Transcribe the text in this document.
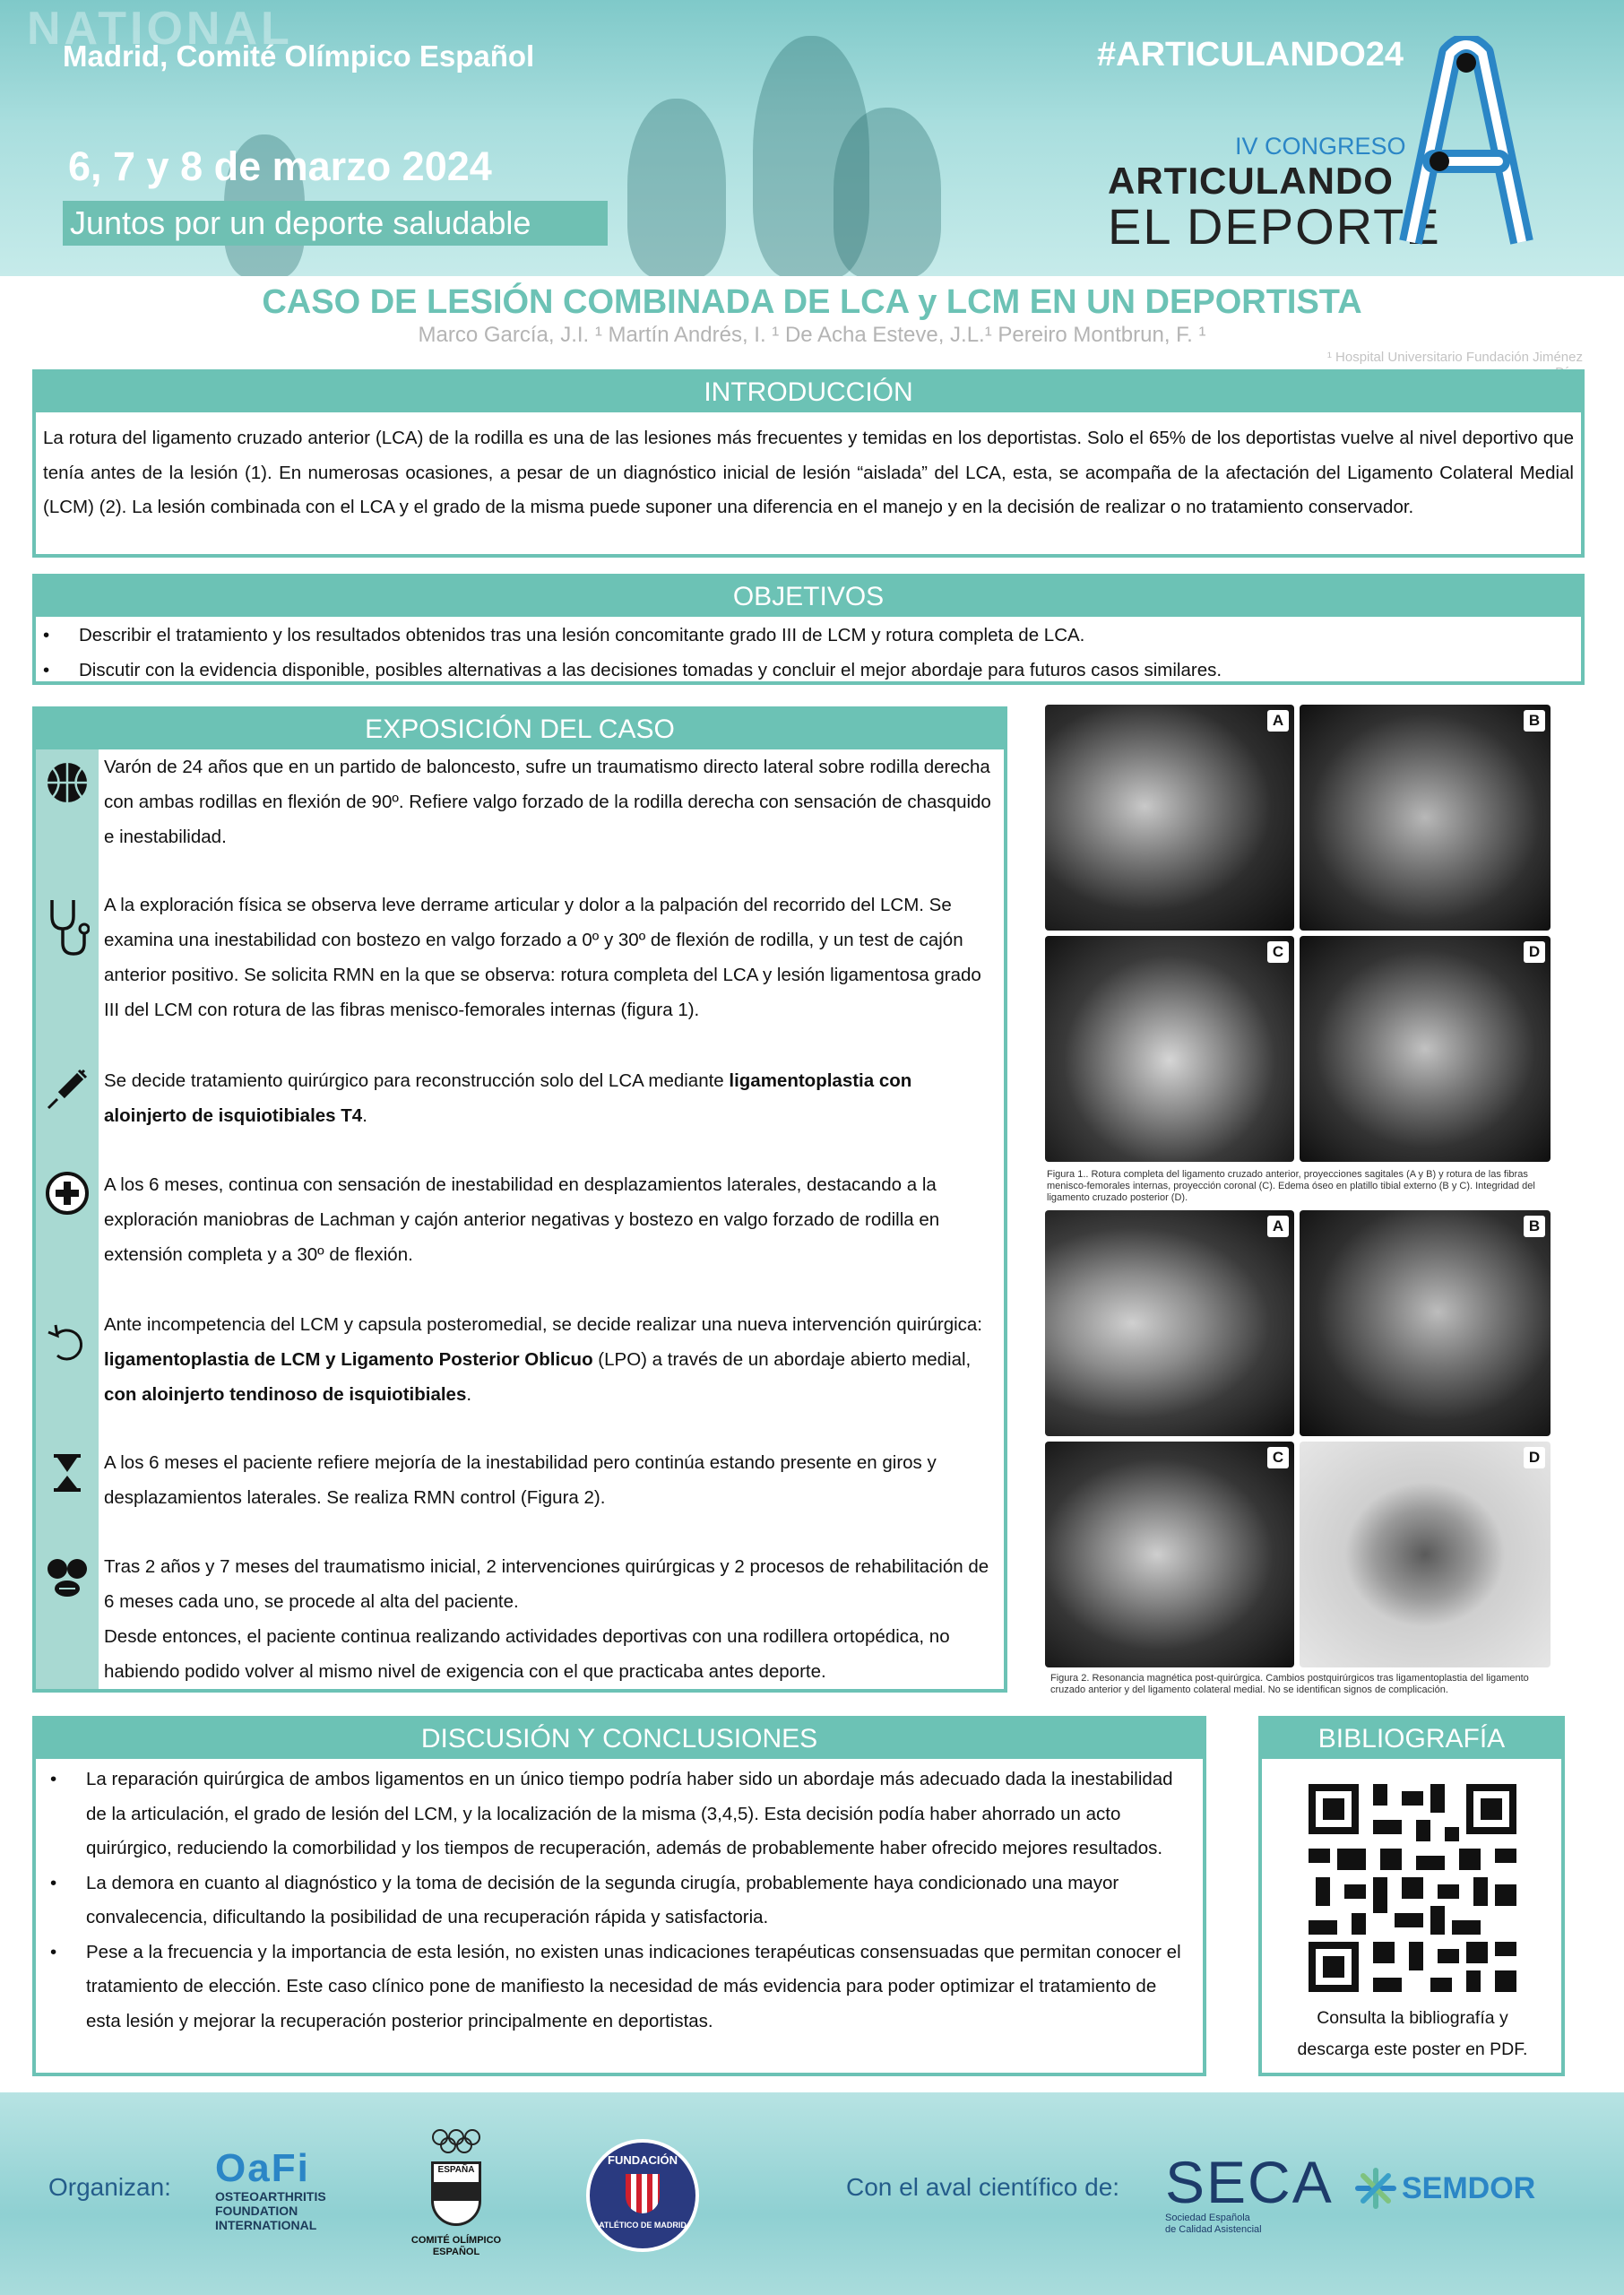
NATIONAL
Madrid, Comité Olímpico Español	#ARTICULANDO24
6, 7 y 8 de marzo 2024
Juntos por un deporte saludable
IV CONGRESO
ARTICULANDO
EL DEPORTE
CASO DE LESIÓN COMBINADA DE LCA y LCM EN UN DEPORTISTA
Marco García, J.I. ¹ Martín Andrés, I. ¹ De Acha Esteve, J.L.¹ Pereiro Montbrun, F. ¹
¹ Hospital Universitario Fundación Jiménez
INTRODUCCIÓN
La rotura del ligamento cruzado anterior (LCA) de la rodilla es una de las lesiones más frecuentes y temidas en los deportistas. Solo el 65% de los deportistas vuelve al nivel deportivo que tenía antes de la lesión (1). En numerosas ocasiones, a pesar de un diagnóstico inicial de lesión “aislada” del LCA, esta, se acompaña de la afectación del Ligamento Colateral Medial (LCM) (2). La lesión combinada con el LCA y el grado de la misma puede suponer una diferencia en el manejo y en la decisión de realizar o no tratamiento conservador.
OBJETIVOS
• Describir el tratamiento y los resultados obtenidos tras una lesión concomitante grado III de LCM y rotura completa de LCA.
• Discutir con la evidencia disponible, posibles alternativas a las decisiones tomadas y concluir el mejor abordaje para futuros casos similares.
EXPOSICIÓN DEL CASO
Varón de 24 años que en un partido de baloncesto, sufre un traumatismo directo lateral sobre rodilla derecha con ambas rodillas en flexión de 90º. Refiere valgo forzado de la rodilla derecha con sensación de chasquido e inestabilidad.
A la exploración física se observa leve derrame articular y dolor a la palpación del recorrido del LCM. Se examina una inestabilidad con bostezo en valgo forzado a 0º y 30º de flexión de rodilla, y un test de cajón anterior positivo. Se solicita RMN en la que se observa: rotura completa del LCA y lesión ligamentosa grado III del LCM con rotura de las fibras menisco-femorales internas (figura 1).
Se decide tratamiento quirúrgico para reconstrucción solo del LCA mediante ligamentoplastia con aloinjerto de isquiotibiales T4.
A los 6 meses, continua con sensación de inestabilidad en desplazamientos laterales, destacando a la exploración maniobras de Lachman y cajón anterior negativas y bostezo en valgo forzado de rodilla en extensión completa y a 30º de flexión.
Ante incompetencia del LCM y capsula posteromedial, se decide realizar una nueva intervención quirúrgica: ligamentoplastia de LCM y Ligamento Posterior Oblicuo (LPO) a través de un abordaje abierto medial, con aloinjerto tendinoso de isquiotibiales.
A los 6 meses el paciente refiere mejoría de la inestabilidad pero continúa estando presente en giros y desplazamientos laterales. Se realiza RMN control (Figura 2).
Tras 2 años y 7 meses del traumatismo inicial, 2 intervenciones quirúrgicas y 2 procesos de rehabilitación de 6 meses cada uno, se procede al alta del paciente.
Desde entonces, el paciente continua realizando actividades deportivas con una rodillera ortopédica, no habiendo podido volver al mismo nivel de exigencia con el que practicaba antes deporte.
A	B
C	D
Figura 1.. Rotura completa del ligamento cruzado anterior, proyecciones sagitales (A y B) y rotura de las fibras menisco-femorales internas, proyección coronal (C). Edema óseo en platillo tibial externo (B y C). Integridad del ligamento cruzado posterior (D).
A	B
C	D
Figura 2. Resonancia magnética post-quirúrgica. Cambios postquirúrgicos tras ligamentoplastia del ligamento cruzado anterior y del ligamento colateral medial. No se identifican signos de complicación.
DISCUSIÓN Y CONCLUSIONES
• La reparación quirúrgica de ambos ligamentos en un único tiempo podría haber sido un abordaje más adecuado dada la inestabilidad de la articulación, el grado de lesión del LCM, y la localización de la misma (3,4,5). Esta decisión podía haber ahorrado un acto quirúrgico, reduciendo la comorbilidad y los tiempos de recuperación, además de probablemente haber ofrecido mejores resultados.
• La demora en cuanto al diagnóstico y la toma de decisión de la segunda cirugía, probablemente haya condicionado una mayor convalecencia, dificultando la posibilidad de una recuperación rápida y satisfactoria.
• Pese a la frecuencia y la importancia de esta lesión, no existen unas indicaciones terapéuticas consensuadas que permitan conocer el tratamiento de elección. Este caso clínico pone de manifiesto la necesidad de más evidencia para poder optimizar el tratamiento de esta lesión y mejorar la recuperación posterior principalmente en deportistas.
BIBLIOGRAFÍA
Consulta la bibliografía y descarga este poster en PDF.
Organizan: OaFi
OSTEOARTHRITIS
FOUNDATION
INTERNATIONAL
ESPAÑA
COMITÉ OLÍMPICO
ESPAÑOL
FUNDACIÓN
ATLÉTICO DE MADRID
Con el aval científico de: SECA
Sociedad Española
de Calidad Asistencial
SEMDOR
